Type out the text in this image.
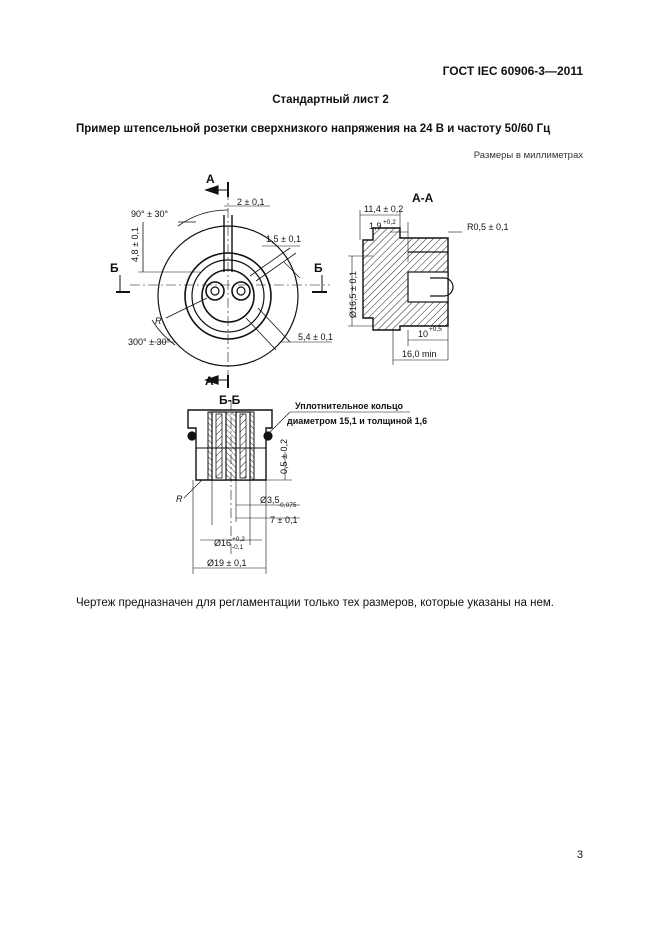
ГОСТ IEC 60906-3—2011
Стандартный лист 2
Пример штепсельной розетки сверхнизкого напряжения на 24 В и частоту 50/60 Гц
Размеры в миллиметрах
А
А
Б	Б
90° ± 30°
300° ± 30°
2 ± 0,1
1,5 ± 0,1
5,4 ± 0,1
4,8 ± 0,1
R
А-А
11,4 ± 0,2
1,9 +0,2	R0,5 ± 0,1
Ø16,5 ± 0,1
10 +0,5
16,0 min
Б-Б	Уплотнительное кольцо
диаметром 15,1 и толщиной 1,6
0,5 ± 0,2
Ø3,5
-0,075
7 ± 0,1
Ø16 +0,2
-0,1
Ø19 ± 0,1
R
Чертеж предназначен для регламентации только тех размеров, которые указаны на нем.
3
